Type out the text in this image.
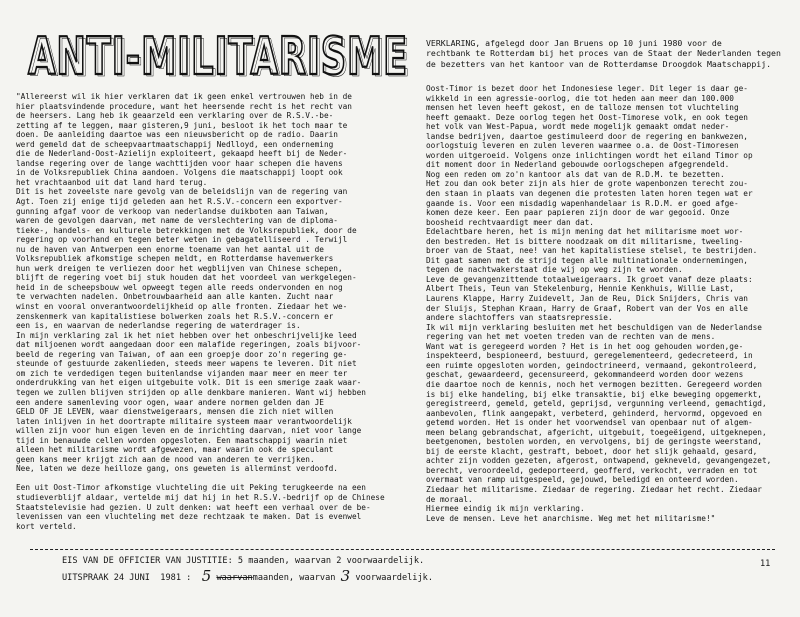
ANTI-MILITARISME
ANTI-MILITARISME VERKLARING, afgelegd door Jan Bruens op 10 juni 1980 voor de
rechtbank te Rotterdam bij het proces van de Staat der Nederlanden tegen
de bezetters van het kantoor van de Rotterdamse Droogdok Maatschappij.
"Allereerst wil ik hier verklaren dat ik geen enkel vertrouwen heb in de
hier plaatsvindende procedure, want het heersende recht is het recht van
de heersers. Lang heb ik geaarzeld een verklaring over de R.S.V.-be-
zetting af te leggen, maar gisteren,9 juni, besloot ik het toch maar te
doen. De aanleiding daartoe was een nieuwsbericht op de radio. Daarin
werd gemeld dat de scheepvaartmaatschappij Nedlloyd, een onderneming
die de Nederland-Oost-Azielijn exploiteert, gekaapd heeft bij de Neder-
landse regering over de lange wachttijden voor haar schepen die havens
in de Volksrepubliek China aandoen. Volgens die maatschappij loopt ook
het vrachtaanbod uit dat land hard terug.
Dit is het zoveelste nare gevolg van de beleidslijn van de regering van
Agt. Toen zij enige tijd geleden aan het R.S.V.-concern een exportver-
gunning afgaf voor de verkoop van nederlandse duikboten aan Taiwan,
waren de gevolgen daarvan, met name de verslechtering van de diploma-
tieke-, handels- en kulturele betrekkingen met de Volksrepubliek, door de
regering op voorhand en tegen beter weten in gebagatelliseerd . Terwijl
nu de haven van Antwerpen een enorme toename van het aantal uit de
Volksrepubliek afkomstige schepen meldt, en Rotterdamse havenwerkers
hun werk dreigen te verliezen door het wegblijven van Chinese schepen,
blijft de regering voet bij stuk houden dat het voordeel van werkgelegen-
heid in de scheepsbouw wel opweegt tegen alle reeds ondervonden en nog
te verwachten nadelen. Onbetrouwbaarheid aan alle kanten. Zucht naar
winst en vooral onverantwoordelijkheid op alle fronten. Ziedaar het we-
zenskenmerk van kapitalistiese bolwerken zoals het R.S.V.-concern er
een is, en waarvan de nederlandse regering de waterdrager is.
In mijn verklaring zal ik het niet hebben over het onbeschrijvelijke leed
dat miljoenen wordt aangedaan door een malafide regeringen, zoals bijvoor-
beeld de regering van Taiwan, of aan een groepje door zo'n regering ge-
steunde of gestuurde zakenlieden, steeds meer wapens te leveren. Dit niet
om zich te verdedigen tegen buitenlandse vijanden maar meer en meer ter
onderdrukking van het eigen uitgebuite volk. Dit is een smerige zaak waar-
tegen we zullen blijven strijden op alle denkbare manieren. Want wij hebben
een andere samenleving voor ogen, waar andere normen gelden dan JE
GELD OF JE LEVEN, waar dienstweigeraars, mensen die zich niet willen
laten inlijven in het doortrapte militaire systeem maar verantwoordelijk
willen zijn voor hun eigen leven en de inrichting daarvan, niet voor lange
tijd in benauwde cellen worden opgesloten. Een maatschappij waarin niet
alleen het militarisme wordt afgewezen, maar waarin ook de speculant
geen kans meer krijgt zich aan de nood van anderen te verrijken.
Nee, laten we deze heilloze gang, ons geweten is allerminst verdoofd.

Een uit Oost-Timor afkomstige vluchteling die uit Peking terugkeerde na een
studieverblijf aldaar, vertelde mij dat hij in het R.S.V.-bedrijf op de Chinese
Staatstelevisie had gezien. U zult denken: wat heeft een verhaal over de be-
levenissen van een vluchteling met deze rechtzaak te maken. Dat is evenwel
kort verteld.
Oost-Timor is bezet door het Indonesiese leger. Dit leger is daar ge-
wikkeld in een agressie-oorlog, die tot heden aan meer dan 100.000
mensen het leven heeft gekost, en de talloze mensen tot vluchteling
heeft gemaakt. Deze oorlog tegen het Oost-Timorese volk, en ook tegen
het volk van West-Papua, wordt mede mogelijk gemaakt omdat neder-
landse bedrijven, daartoe gestimuleerd door de regering en bankwezen,
oorlogstuig leveren en zulen leveren waarmee o.a. de Oost-Timoresen
worden uitgeroeid. Volgens onze inlichtingen wordt het eiland Timor op
dit moment door in Nederland gebouwde oorlogschepen afgegrendeld.
Nog een reden om zo'n kantoor als dat van de R.D.M. te bezetten.
Het zou dan ook beter zijn als hier de grote wapenbonzen terecht zou-
den staan in plaats van degenen die protesten laten horen tegen wat er
gaande is. Voor een misdadig wapenhandelaar is R.D.M. er goed afge-
komen deze keer. Een paar papieren zijn door de war gegooid. Onze
boosheid rechtvaardigt meer dan dat.
Edelachtbare heren, het is mijn mening dat het militarisme moet wor-
den bestreden. Het is bittere noodzaak om dit militarisme, tweeling-
broer van de Staat, nee! van het kapitalistiese stelsel, te bestrijden.
Dit gaat samen met de strijd tegen alle multinationale ondernemingen,
tegen de nachtwakerstaat die wij op weg zijn te worden.
Leve de gevangenzittende totaalweigeraars. Ik groet vanaf deze plaats:
Albert Theis, Teun van Stekelenburg, Hennie Kenkhuis, Willie Last,
Laurens Klappe, Harry Zuidevelt, Jan de Reu, Dick Snijders, Chris van
der Sluijs, Stephan Kraan, Harry de Graaf, Robert van der Vos en alle
andere slachtoffers van staatsrepressie.
Ik wil mijn verklaring besluiten met het beschuldigen van de Nederlandse
regering van het met voeten treden van de rechten van de mens.
Want wat is geregeerd worden ? Het is in het oog gehouden worden,ge-
inspekteerd, bespioneerd, bestuurd, geregelementeerd, gedecreteerd, in
een ruimte opgesloten worden, geindoctrineerd, vermaand, gekontroleerd,
geschat, gewaardeerd, gecensureerd, gekommandeerd worden door wezens
die daartoe noch de kennis, noch het vermogen bezitten. Geregeerd worden
is bij elke handeling, bij elke transaktie, bij elke beweging opgemerkt,
geregistreerd, gemeld, geteld, geprijsd, vergunning verleend, gemachtigd,
aanbevolen, flink aangepakt, verbeterd, gehinderd, hervormd, opgevoed en
getemd worden. Het is onder het voorwendsel van openbaar nut of algem-
meen belang gebrandschat, afgericht, uitgebuit, toegeëigend, uitgeknepen,
beetgenomen, bestolen worden, en vervolgens, bij de geringste weerstand,
bij de eerste klacht, gestraft, beboet, door het slijk gehaald, gesard,
achter zijn vodden gezeten, afgerost, ontwapend, gekneveld, gevangengezet,
berecht, veroordeeld, gedeporteerd, geofferd, verkocht, verraden en tot
overmaat van ramp uitgespeeld, gejouwd, beledigd en onteerd worden.
Ziedaar het militarisme. Ziedaar de regering. Ziedaar het recht. Ziedaar
de moraal.
Hiermee eindig ik mijn verklaring.
Leve de mensen. Leve het anarchisme. Weg met het militarisme!"
EIS VAN DE OFFICIER VAN JUSTITIE: 5 maanden, waarvan 2 voorwaardelijk.
UITSPRAAK 24 JUNI  1981 : 5 waarvanmaanden, waarvan 3 voorwaardelijk.
11
